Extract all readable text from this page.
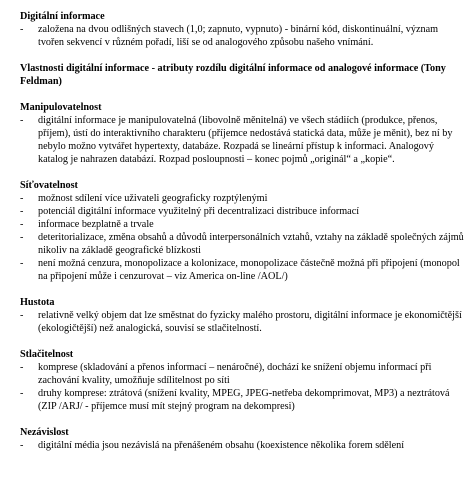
Digitální informace

- založena na dvou odlišných stavech (1,0; zapnuto, vypnuto) - binární kód, diskontinuální, význam tvořen sekvencí v různém pořadí, liší se od analogového způsobu našeho vnímání.

Vlastnosti digitální informace - atributy rozdílu digitální informace od analogové informace (Tony Feldman)

Manipulovatelnost

- digitální informace je manipulovatelná (libovolně měnitelná) ve všech stádiích (produkce, přenos, příjem), ústí do interaktivního charakteru (příjemce nedostává statická data, může je měnit), bez ní by nebylo možno vytvářet hypertexty, databáze. Rozpadá se lineární přístup k informaci. Analogový katalog je nahrazen databází. Rozpad posloupnosti – konec pojmů „originál“ a „kopie“.

Síťovatelnost

- možnost sdílení více uživateli geograficky rozptýlenými
- potenciál digitální informace využitelný při decentralizaci distribuce informací
- informace bezplatně a trvale
- deteritorializace, změna obsahů a důvodů interpersonálních vztahů, vztahy na základě společných zájmů nikoliv na základě geografické blízkosti
- není možná cenzura, monopolizace a kolonizace, monopolizace částečně možná při připojení (monopol na připojení může i cenzurovat – viz America on-line /AOL/)

Hustota

- relativně velký objem dat lze směstnat do fyzicky malého prostoru, digitální informace je ekonomičtější (ekologičtější) než analogická, souvisí se stlačitelností.

Stlačitelnost

- komprese (skladování a přenos informací – nenáročné), dochází ke snížení objemu informací při zachování kvality, umožňuje sdílitelnost po síti
- druhy komprese: ztrátová (snížení kvality, MPEG, JPEG-netřeba dekomprimovat, MP3) a neztrátová (ZIP /ARJ/ - příjemce musí mít stejný program na dekompresi)

Nezávislost

- digitální média jsou nezávislá na přenášeném obsahu (koexistence několika forem sdělení
